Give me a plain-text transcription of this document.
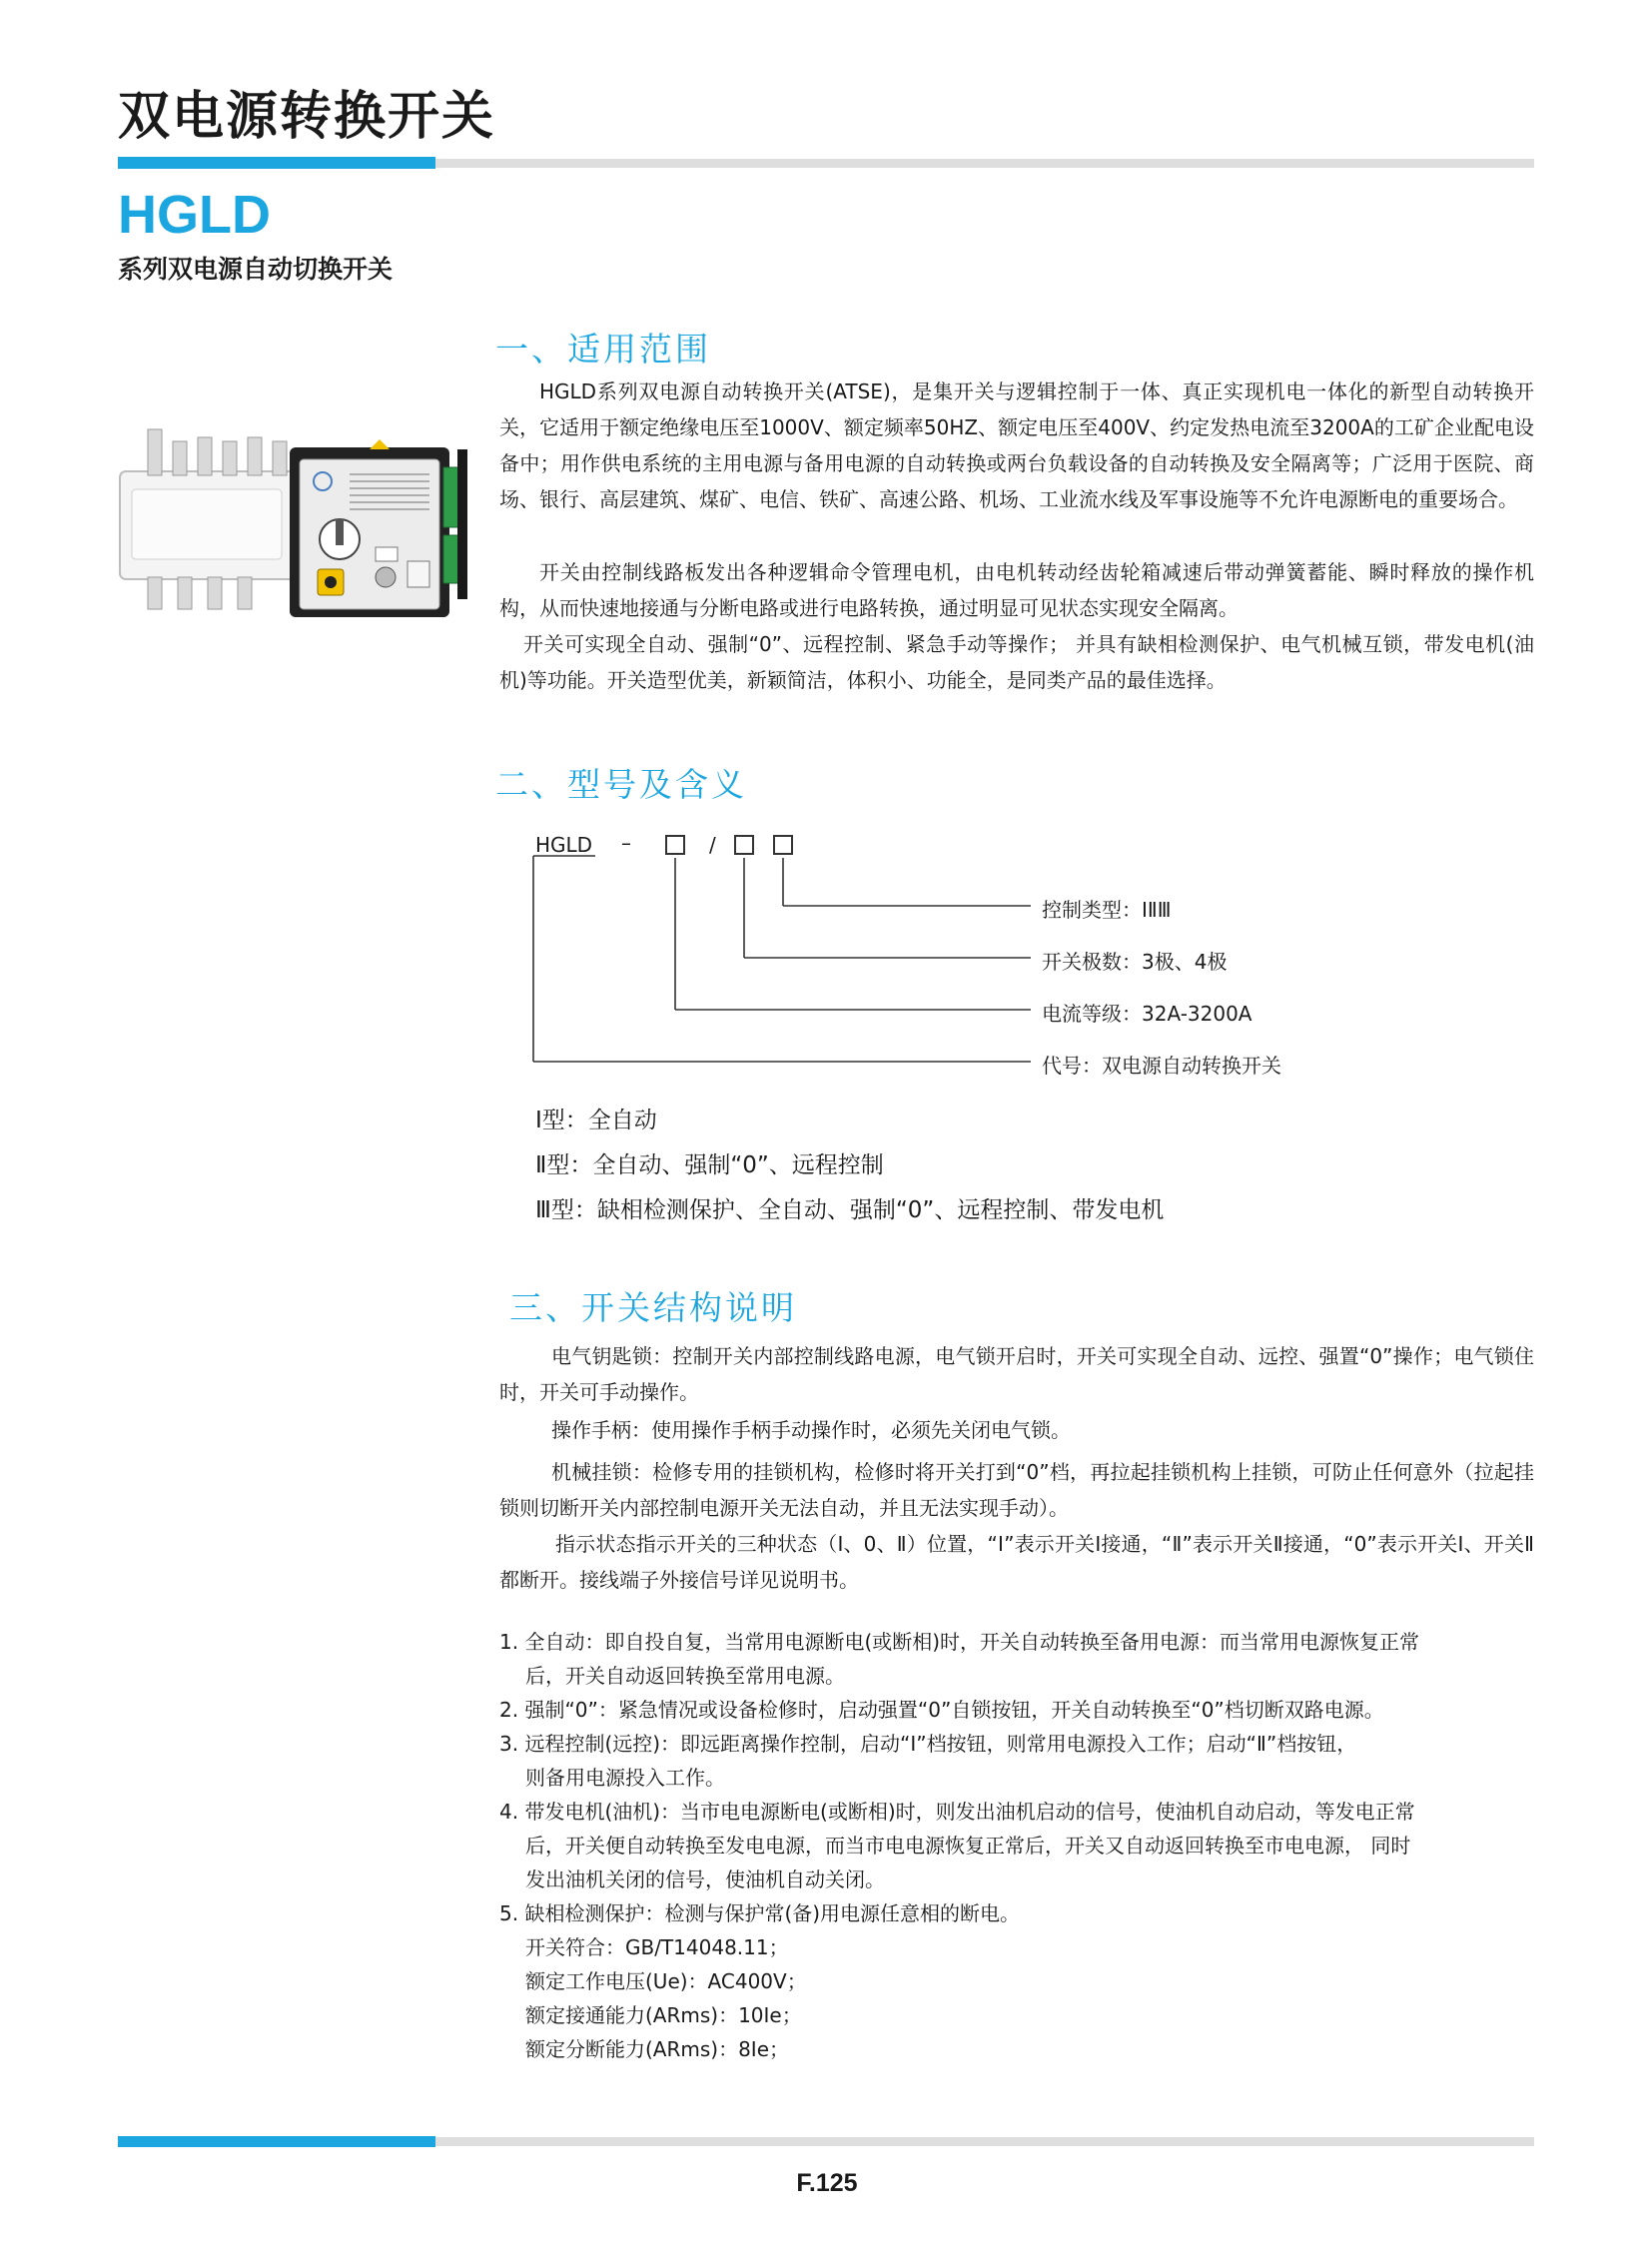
双电源转换开关
HGLD
系列双电源自动切换开关
一、适用范围
HGLD系列双电源自动转换开关(ATSE)，是集开关与逻辑控制于一体、真正实现机电一体化的新型自动转换开关，它适用于额定绝缘电压至1000V、额定频率50HZ、额定电压至400V、约定发热电流至3200A的工矿企业配电设备中；用作供电系统的主用电源与备用电源的自动转换或两台负载设备的自动转换及安全隔离等；广泛用于医院、商场、银行、高层建筑、煤矿、电信、铁矿、高速公路、机场、工业流水线及军事设施等不允许电源断电的重要场合。
开关由控制线路板发出各种逻辑命令管理电机，由电机转动经齿轮箱减速后带动弹簧蓄能、瞬时释放的操作机构，从而快速地接通与分断电路或进行电路转换，通过明显可见状态实现安全隔离。
开关可实现全自动、强制“0”、远程控制、紧急手动等操作； 并具有缺相检测保护、电气机械互锁，带发电机(油机)等功能。开关造型优美，新颖简洁，体积小、功能全，是同类产品的最佳选择。
二、型号及含义
HGLD –	/
控制类型：ⅠⅡⅢ
开关极数：3极、4极
电流等级：32A-3200A
代号：双电源自动转换开关
Ⅰ型：全自动
Ⅱ型：全自动、强制“0”、远程控制
Ⅲ型：缺相检测保护、全自动、强制“0”、远程控制、带发电机
三、开关结构说明
电气钥匙锁：控制开关内部控制线路电源，电气锁开启时，开关可实现全自动、远控、强置“0”操作；电气锁住时，开关可手动操作。
操作手柄：使用操作手柄手动操作时，必须先关闭电气锁。
机械挂锁：检修专用的挂锁机构，检修时将开关打到“0”档，再拉起挂锁机构上挂锁，可防止任何意外（拉起挂锁则切断开关内部控制电源开关无法自动，并且无法实现手动）。
指示状态指示开关的三种状态（Ⅰ、0、Ⅱ）位置，“Ⅰ”表示开关Ⅰ接通，“Ⅱ”表示开关Ⅱ接通，“0”表示开关Ⅰ、开关Ⅱ都断开。接线端子外接信号详见说明书。
1. 全自动：即自投自复，当常用电源断电(或断相)时，开关自动转换至备用电源：而当常用电源恢复正常
后，开关自动返回转换至常用电源。
2. 强制“0”：紧急情况或设备检修时，启动强置“0”自锁按钮，开关自动转换至“0”档切断双路电源。
3. 远程控制(远控)：即远距离操作控制，启动“Ⅰ”档按钮，则常用电源投入工作；启动“Ⅱ”档按钮，
则备用电源投入工作。
4. 带发电机(油机)：当市电电源断电(或断相)时，则发出油机启动的信号，使油机自动启动，等发电正常
后，开关便自动转换至发电电源，而当市电电源恢复正常后，开关又自动返回转换至市电电源， 同时
发出油机关闭的信号，使油机自动关闭。
5. 缺相检测保护：检测与保护常(备)用电源任意相的断电。
开关符合：GB/T14048.11；
额定工作电压(Ue)：AC400V；
额定接通能力(ARms)：10Ie；
额定分断能力(ARms)：8Ie；
F.125
